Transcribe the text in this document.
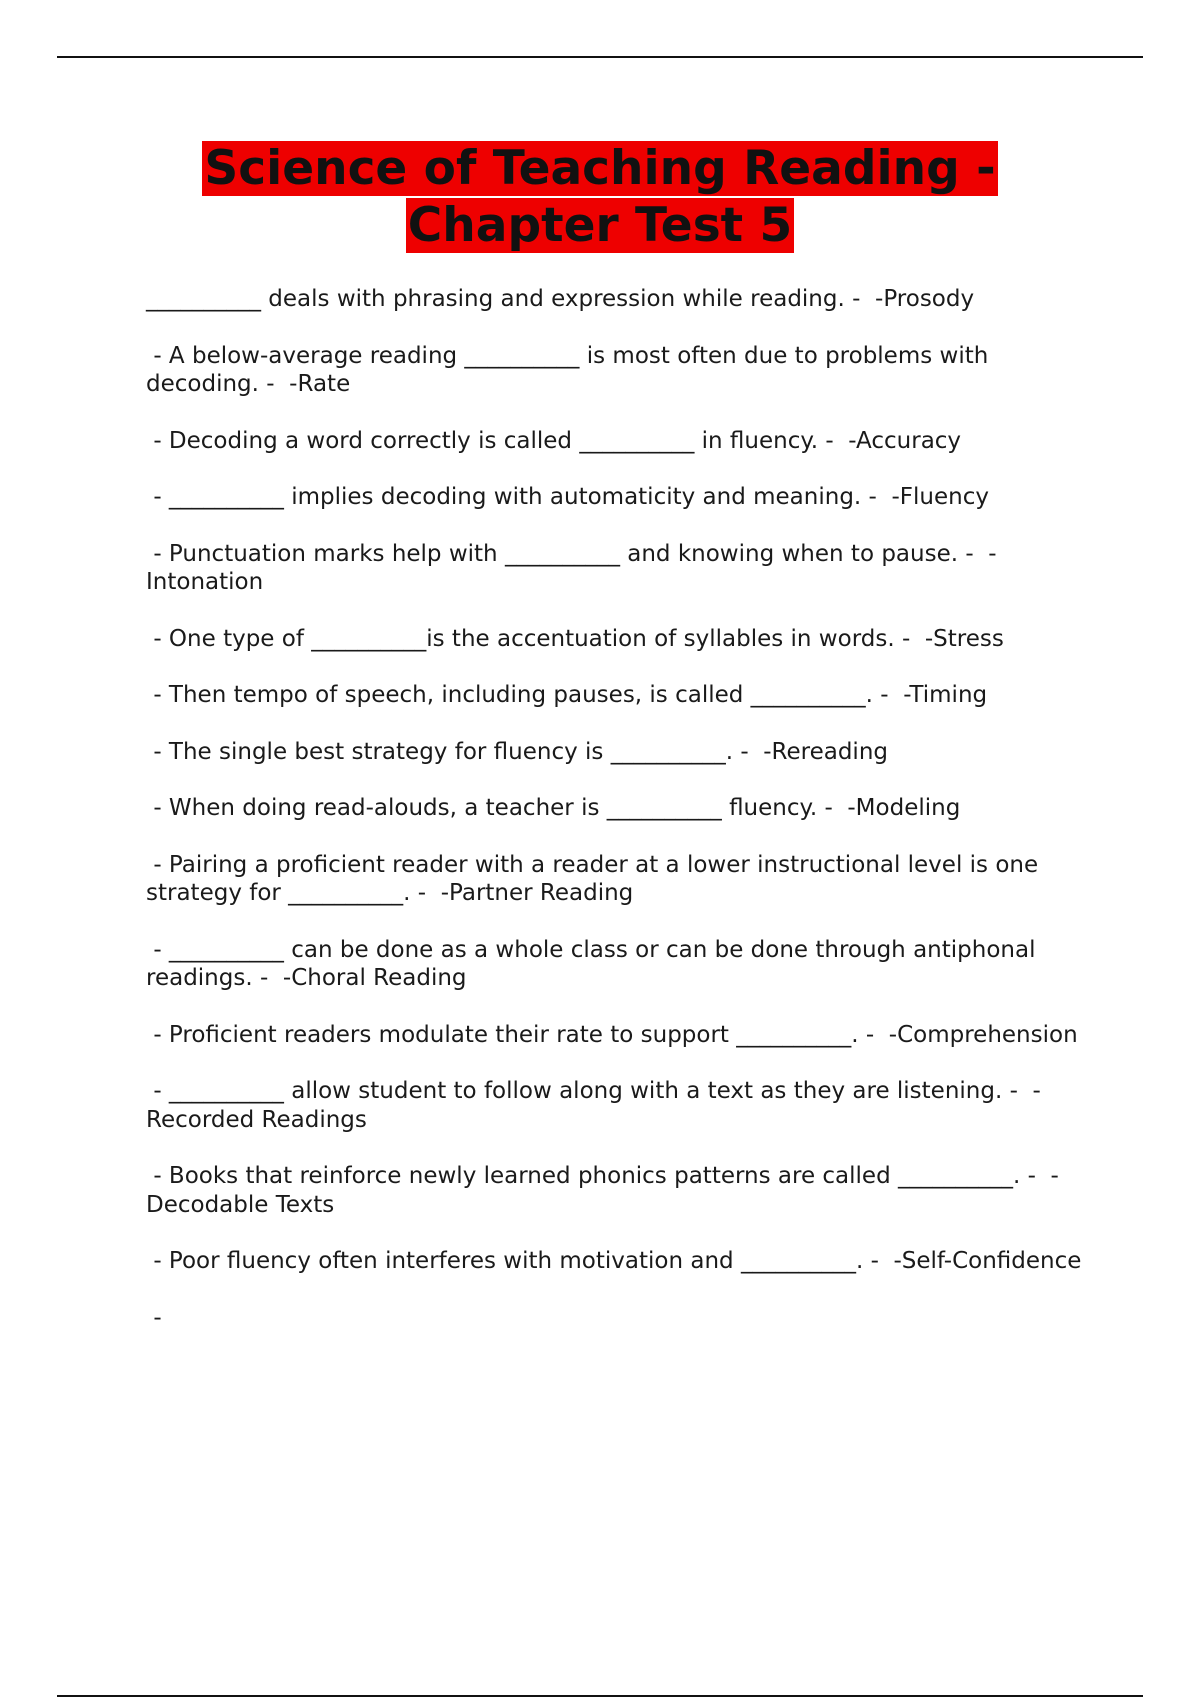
Science of Teaching Reading -
Chapter Test 5

__________ deals with phrasing and expression while reading. -  -Prosody

- A below-average reading __________ is most often due to problems with decoding. -  -Rate

- Decoding a word correctly is called __________ in fluency. -  -Accuracy

- __________ implies decoding with automaticity and meaning. -  -Fluency

- Punctuation marks help with __________ and knowing when to pause. -  -Intonation

- One type of __________is the accentuation of syllables in words. -  -Stress

- Then tempo of speech, including pauses, is called __________. -  -Timing

- The single best strategy for fluency is __________. -  -Rereading

- When doing read-alouds, a teacher is __________ fluency. -  -Modeling

- Pairing a proficient reader with a reader at a lower instructional level is one strategy for __________. -  -Partner Reading

- __________ can be done as a whole class or can be done through antiphonal readings. -  -Choral Reading

- Proficient readers modulate their rate to support __________. -  -Comprehension

- __________ allow student to follow along with a text as they are listening. -  -Recorded Readings

- Books that reinforce newly learned phonics patterns are called __________. -  -Decodable Texts

- Poor fluency often interferes with motivation and __________. -  -Self-Confidence

-
